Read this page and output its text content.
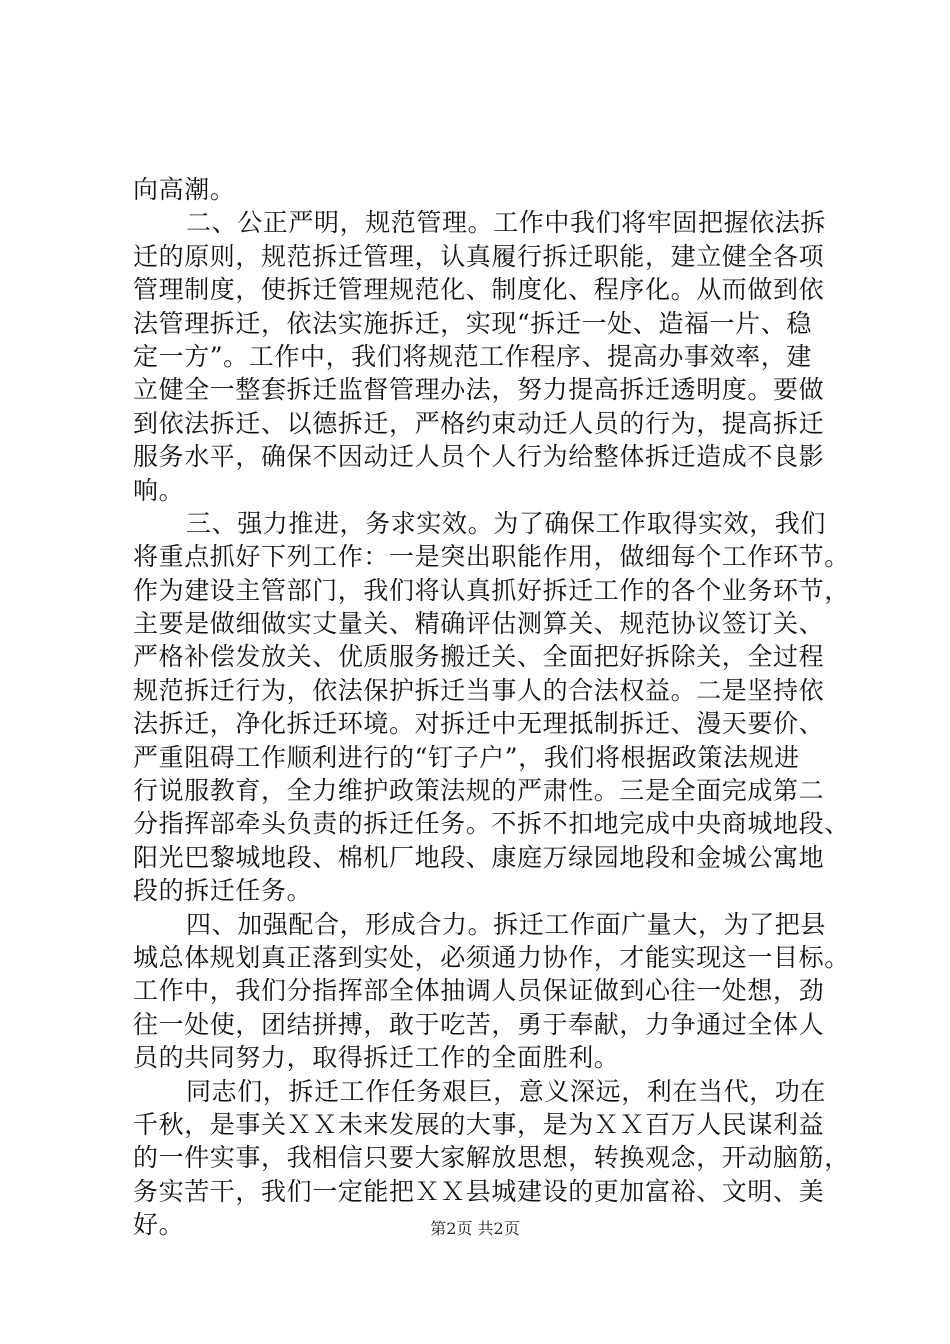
向高潮。
二、公正严明，规范管理。工作中我们将牢固把握依法拆
迁的原则，规范拆迁管理，认真履行拆迁职能，建立健全各项
管理制度，使拆迁管理规范化、制度化、程序化。从而做到依
法管理拆迁，依法实施拆迁，实现“拆迁一处、造福一片、稳
定一方”。工作中，我们将规范工作程序、提高办事效率，建
立健全一整套拆迁监督管理办法，努力提高拆迁透明度。要做
到依法拆迁、以德拆迁，严格约束动迁人员的行为，提高拆迁
服务水平，确保不因动迁人员个人行为给整体拆迁造成不良影
响。
三、强力推进，务求实效。为了确保工作取得实效，我们
将重点抓好下列工作：一是突出职能作用，做细每个工作环节。
作为建设主管部门，我们将认真抓好拆迁工作的各个业务环节，
主要是做细做实丈量关、精确评估测算关、规范协议签订关、
严格补偿发放关、优质服务搬迁关、全面把好拆除关，全过程
规范拆迁行为，依法保护拆迁当事人的合法权益。二是坚持依
法拆迁，净化拆迁环境。对拆迁中无理抵制拆迁、漫天要价、
严重阻碍工作顺利进行的“钉子户”，我们将根据政策法规进
行说服教育，全力维护政策法规的严肃性。三是全面完成第二
分指挥部牵头负责的拆迁任务。不拆不扣地完成中央商城地段、
阳光巴黎城地段、棉机厂地段、康庭万绿园地段和金城公寓地
段的拆迁任务。
四、加强配合，形成合力。拆迁工作面广量大，为了把县
城总体规划真正落到实处，必须通力协作，才能实现这一目标。
工作中，我们分指挥部全体抽调人员保证做到心往一处想，劲
往一处使，团结拼搏，敢于吃苦，勇于奉献，力争通过全体人
员的共同努力，取得拆迁工作的全面胜利。
同志们，拆迁工作任务艰巨，意义深远，利在当代，功在
千秋，是事关ＸＸ未来发展的大事，是为ＸＸ百万人民谋利益
的一件实事，我相信只要大家解放思想，转换观念，开动脑筋，
务实苦干，我们一定能把ＸＸ县城建设的更加富裕、文明、美
好。	第2页 共2页
